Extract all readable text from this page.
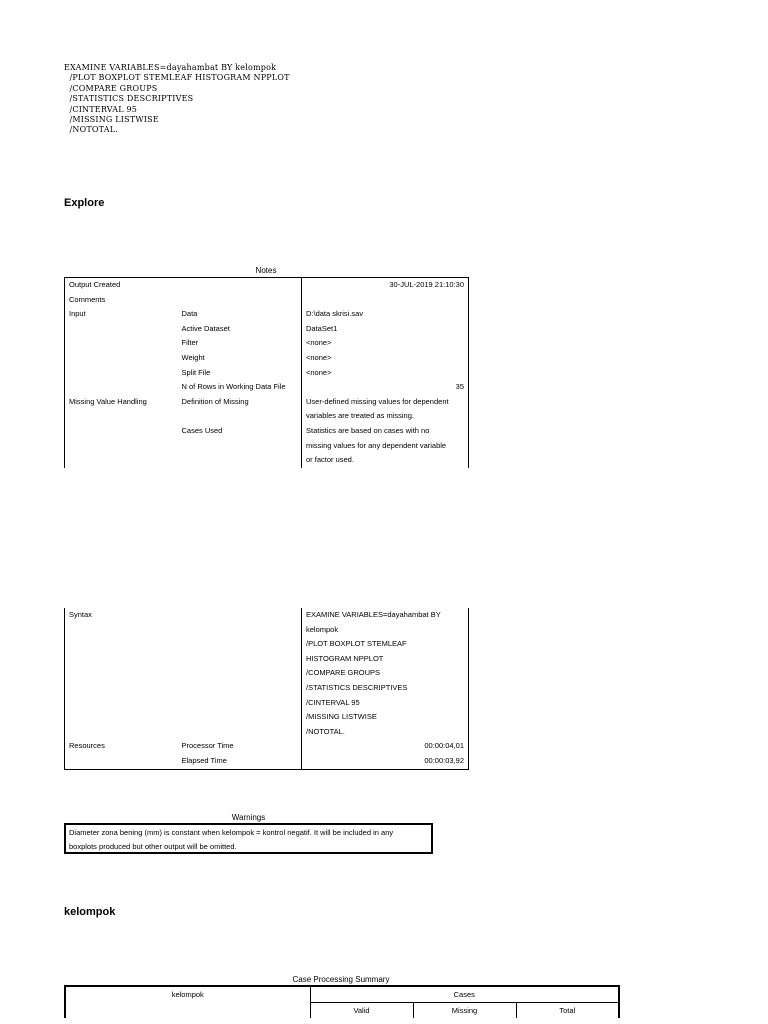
EXAMINE VARIABLES=dayahambat BY kelompok
/PLOT BOXPLOT STEMLEAF HISTOGRAM NPPLOT
/COMPARE GROUPS
/STATISTICS DESCRIPTIVES
/CINTERVAL 95
/MISSING LISTWISE
/NOTOTAL.
Explore
Notes
Output Created		30-JUL-2019 21:10:30
Comments		
Input	Data	D:\data skrisi.sav
	Active Dataset	DataSet1
	Filter	<none>
	Weight	<none>
	Split File	<none>
	N of Rows in Working Data File	35
Missing Value Handling	Definition of Missing	User-defined missing values for dependent
		variables are treated as missing.
	Cases Used	Statistics are based on cases with no
		missing values for any dependent variable
		or factor used.
Syntax		EXAMINE VARIABLES=dayahambat BY
		kelompok
		/PLOT BOXPLOT STEMLEAF
		HISTOGRAM NPPLOT
		/COMPARE GROUPS
		/STATISTICS DESCRIPTIVES
		/CINTERVAL 95
		/MISSING LISTWISE
		/NOTOTAL.
Resources	Processor Time	00:00:04,01
	Elapsed Time	00:00:03,92
Warnings
Diameter zona bening (mm) is constant when kelompok = kontrol negatif. It will be included in any
boxplots produced but other output will be omitted.
kelompok
Case Processing Summary
kelompok	Cases		
	Valid	Missing	Total
